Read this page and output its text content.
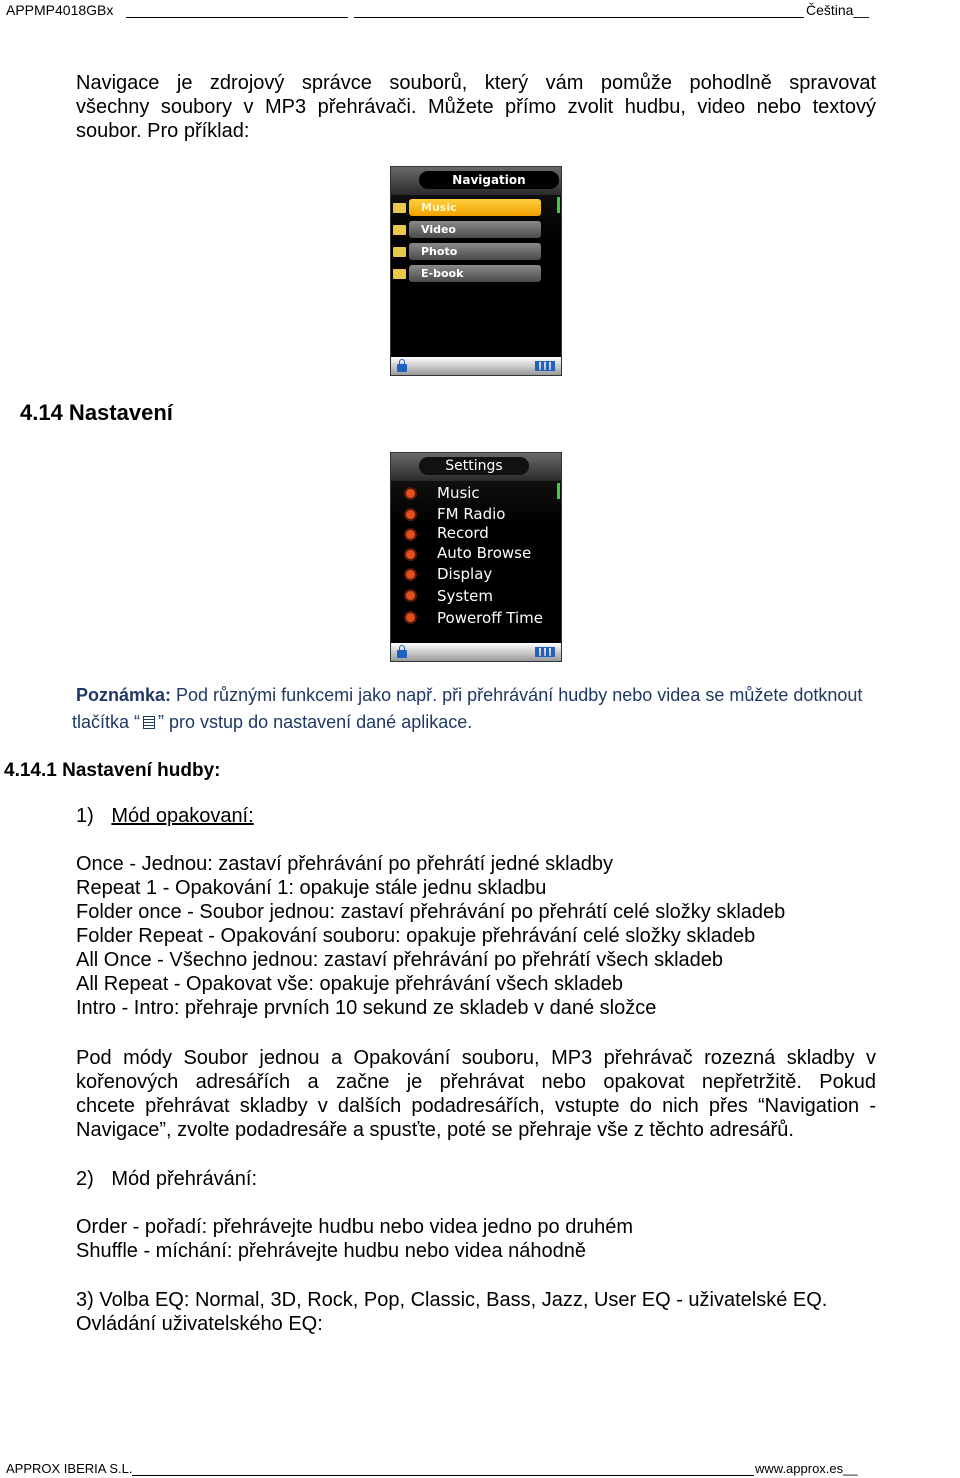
APPMP4018GBx	Čeština__
Navigace je zdrojový správce souborů, který vám pomůže pohodlně spravovat
všechny soubory v MP3 přehrávači. Můžete přímo zvolit hudbu, video nebo textový
soubor. Pro příklad:
Navigation
Music
Video
Photo
E-book
4.14 Nastavení
Settings
Music
FM Radio
Record
Auto Browse
Display
System
Poweroff Time
Poznámka: Pod různými funkcemi jako např. při přehrávání hudby nebo videa se můžete dotknout
tlačítka “ ” pro vstup do nastavení dané aplikace.
4.14.1 Nastavení hudby:
1) Mód opakovaní:
Once - Jednou: zastaví přehrávání po přehrátí jedné skladby
Repeat 1 - Opakování 1: opakuje stále jednu skladbu
Folder once - Soubor jednou: zastaví přehrávání po přehrátí celé složky skladeb
Folder Repeat - Opakování souboru: opakuje přehrávání celé složky skladeb
All Once - Všechno jednou: zastaví přehrávání po přehrátí všech skladeb
All Repeat - Opakovat vše: opakuje přehrávání všech skladeb
Intro - Intro: přehraje prvních 10 sekund ze skladeb v dané složce
Pod módy Soubor jednou a Opakování souboru, MP3 přehrávač rozezná skladby v
kořenových adresářích a začne je přehrávat nebo opakovat nepřetržitě. Pokud
chcete přehrávat skladby v dalších podadresářích, vstupte do nich přes “Navigation -
Navigace”, zvolte podadresáře a spusťte, poté se přehraje vše z těchto adresářů.
2) Mód přehrávání:
Order - pořadí: přehrávejte hudbu nebo videa jedno po druhém
Shuffle - míchání: přehrávejte hudbu nebo videa náhodně
3) Volba EQ: Normal, 3D, Rock, Pop, Classic, Bass, Jazz, User EQ - uživatelské EQ.
Ovládání uživatelského EQ:
APPROX IBERIA S.L.	www.approx.es__
